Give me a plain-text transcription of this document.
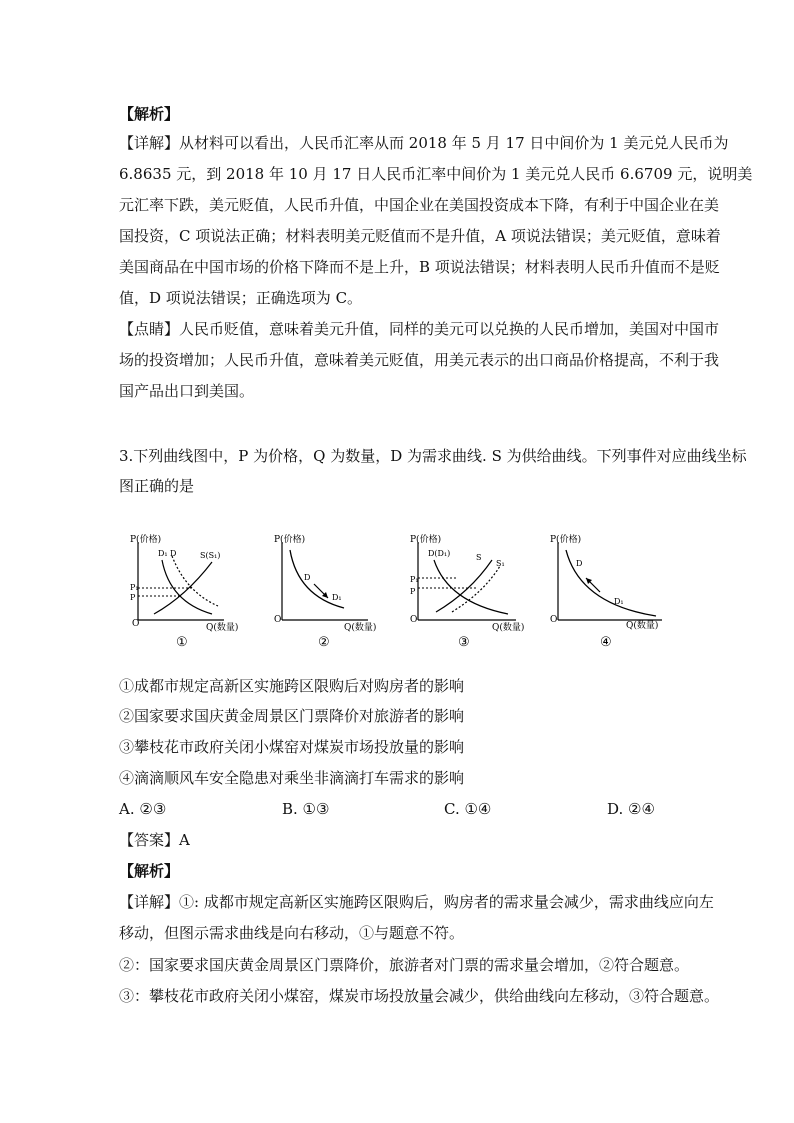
【解析】
【详解】从材料可以看出，人民币汇率从而 2018 年 5 月 17 日中间价为 1 美元兑人民币为
6.8635 元，到 2018 年 10 月 17 日人民币汇率中间价为 1 美元兑人民币 6.6709 元，说明美
元汇率下跌，美元贬值，人民币升值，中国企业在美国投资成本下降，有利于中国企业在美
国投资，C 项说法正确；材料表明美元贬值而不是升值，A 项说法错误；美元贬值，意味着
美国商品在中国市场的价格下降而不是上升，B 项说法错误；材料表明人民币升值而不是贬
值，D 项说法错误；正确选项为 C。
【点睛】人民币贬值，意味着美元升值，同样的美元可以兑换的人民币增加，美国对中国市
场的投资增加；人民币升值，意味着美元贬值，用美元表示的出口商品价格提高，不利于我
国产品出口到美国。
3.下列曲线图中，P 为价格，Q 为数量，D 为需求曲线. S 为供给曲线。下列事件对应曲线坐标
图正确的是
P(价格)
Q(数量)
O
P₁
P
D₁ D	S(S₁)
①
P(价格)
Q(数量)
O
D
D₁
②
P(价格)
Q(数量)
O
P₁
P
D(D₁)	S
S₁
③
P(价格)
Q(数量)
O
D
D₁
④
①成都市规定高新区实施跨区限购后对购房者的影响
②国家要求国庆黄金周景区门票降价对旅游者的影响
③攀枝花市政府关闭小煤窑对煤炭市场投放量的影响
④滴滴顺风车安全隐患对乘坐非滴滴打车需求的影响
A. ②③	B. ①③	C. ①④	D. ②④
【答案】A
【解析】
【详解】①: 成都市规定高新区实施跨区限购后，购房者的需求量会减少，需求曲线应向左
移动，但图示需求曲线是向右移动，①与题意不符。
②：国家要求国庆黄金周景区门票降价，旅游者对门票的需求量会增加，②符合题意。
③：攀枝花市政府关闭小煤窑，煤炭市场投放量会减少，供给曲线向左移动，③符合题意。
